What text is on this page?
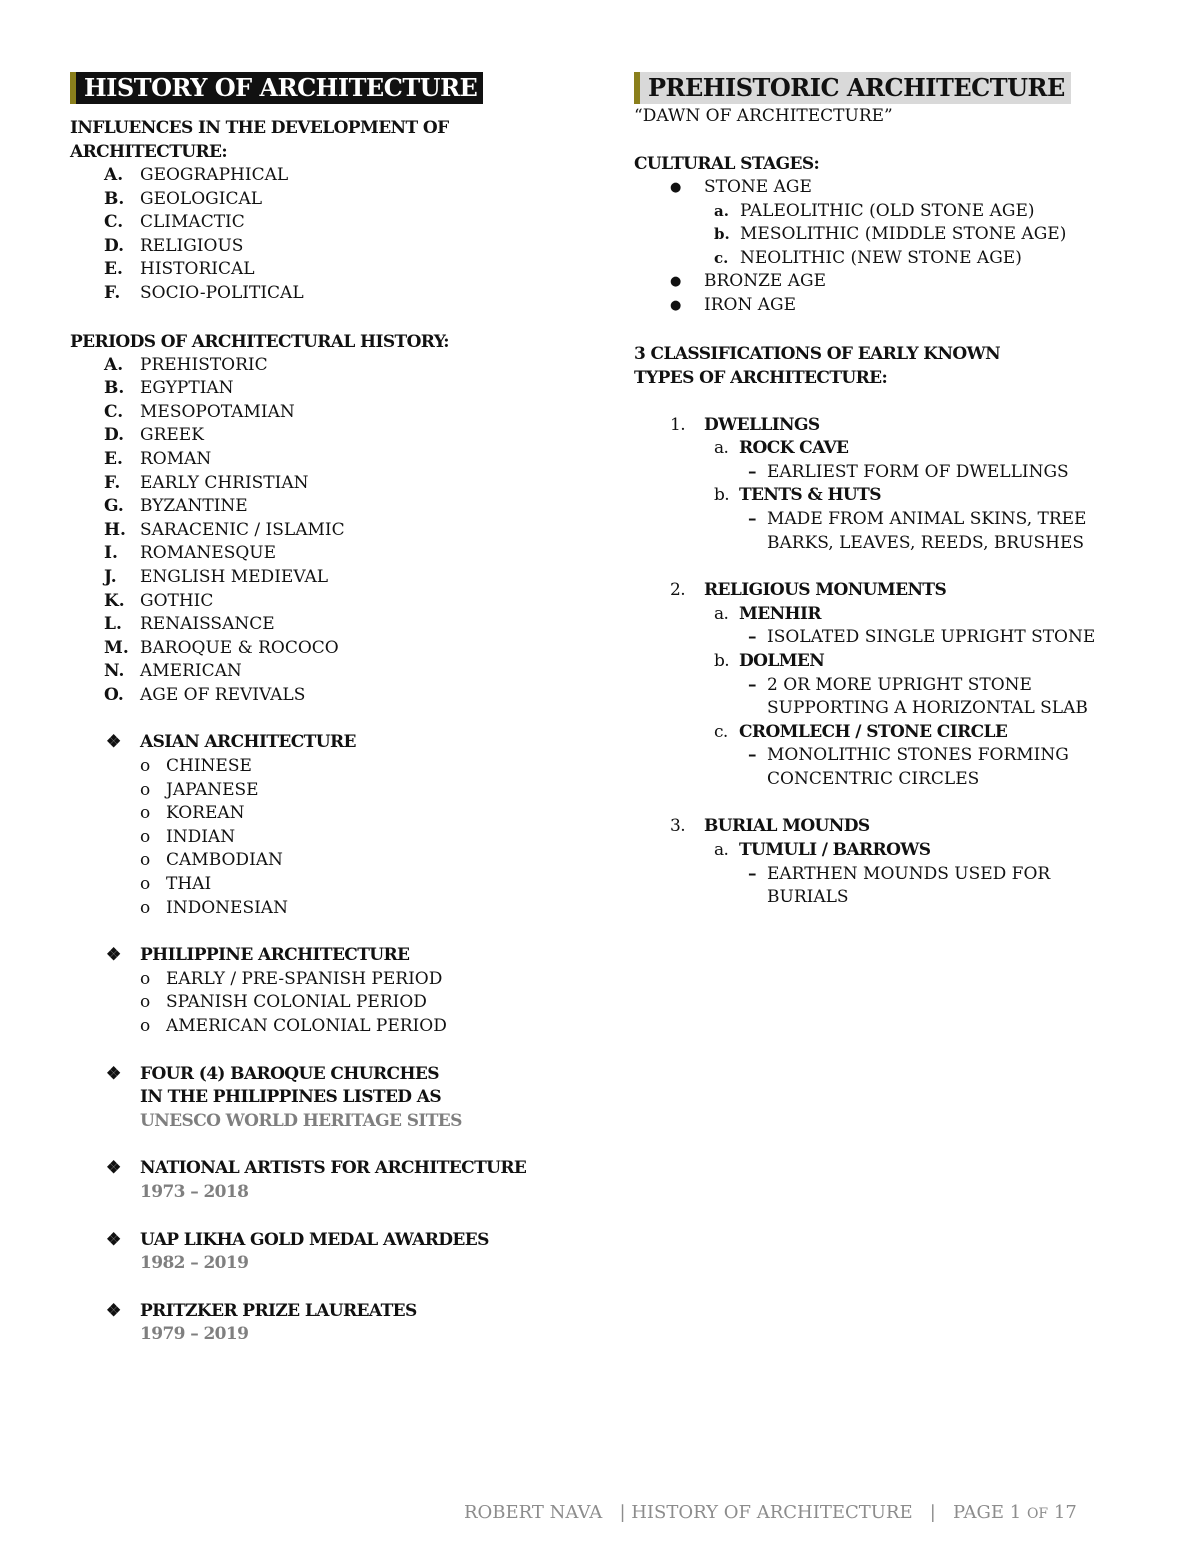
HISTORY OF ARCHITECTURE
INFLUENCES IN THE DEVELOPMENT OF ARCHITECTURE:
A. GEOGRAPHICAL
B. GEOLOGICAL
C. CLIMACTIC
D. RELIGIOUS
E. HISTORICAL
F. SOCIO-POLITICAL
PERIODS OF ARCHITECTURAL HISTORY:
A. PREHISTORIC
B. EGYPTIAN
C. MESOPOTAMIAN
D. GREEK
E. ROMAN
F. EARLY CHRISTIAN
G. BYZANTINE
H. SARACENIC / ISLAMIC
I. ROMANESQUE
J. ENGLISH MEDIEVAL
K. GOTHIC
L. RENAISSANCE
M. BAROQUE & ROCOCO
N. AMERICAN
O. AGE OF REVIVALS
❖ ASIAN ARCHITECTURE
o CHINESE
o JAPANESE
o KOREAN
o INDIAN
o CAMBODIAN
o THAI
o INDONESIAN
❖ PHILIPPINE ARCHITECTURE
o EARLY / PRE-SPANISH PERIOD
o SPANISH COLONIAL PERIOD
o AMERICAN COLONIAL PERIOD
❖ FOUR (4) BAROQUE CHURCHES
IN THE PHILIPPINES LISTED AS
UNESCO WORLD HERITAGE SITES
❖ NATIONAL ARTISTS FOR ARCHITECTURE
1973 – 2018
❖ UAP LIKHA GOLD MEDAL AWARDEES
1982 – 2019
❖ PRITZKER PRIZE LAUREATES
1979 – 2019
PREHISTORIC ARCHITECTURE
“DAWN OF ARCHITECTURE”
CULTURAL STAGES:
● STONE AGE
a. PALEOLITHIC (OLD STONE AGE)
b. MESOLITHIC (MIDDLE STONE AGE)
c. NEOLITHIC (NEW STONE AGE)
● BRONZE AGE
● IRON AGE
3 CLASSIFICATIONS OF EARLY KNOWN
TYPES OF ARCHITECTURE:
1. DWELLINGS
a. ROCK CAVE
– EARLIEST FORM OF DWELLINGS
b. TENTS & HUTS
– MADE FROM ANIMAL SKINS, TREE BARKS, LEAVES, REEDS, BRUSHES
2. RELIGIOUS MONUMENTS
a. MENHIR
– ISOLATED SINGLE UPRIGHT STONE
b. DOLMEN
– 2 OR MORE UPRIGHT STONE SUPPORTING A HORIZONTAL SLAB
c. CROMLECH / STONE CIRCLE
– MONOLITHIC STONES FORMING CONCENTRIC CIRCLES
3. BURIAL MOUNDS
a. TUMULI / BARROWS
– EARTHEN MOUNDS USED FOR BURIALS
ROBERT NAVA   | HISTORY OF ARCHITECTURE   |   PAGE 1 OF 17
